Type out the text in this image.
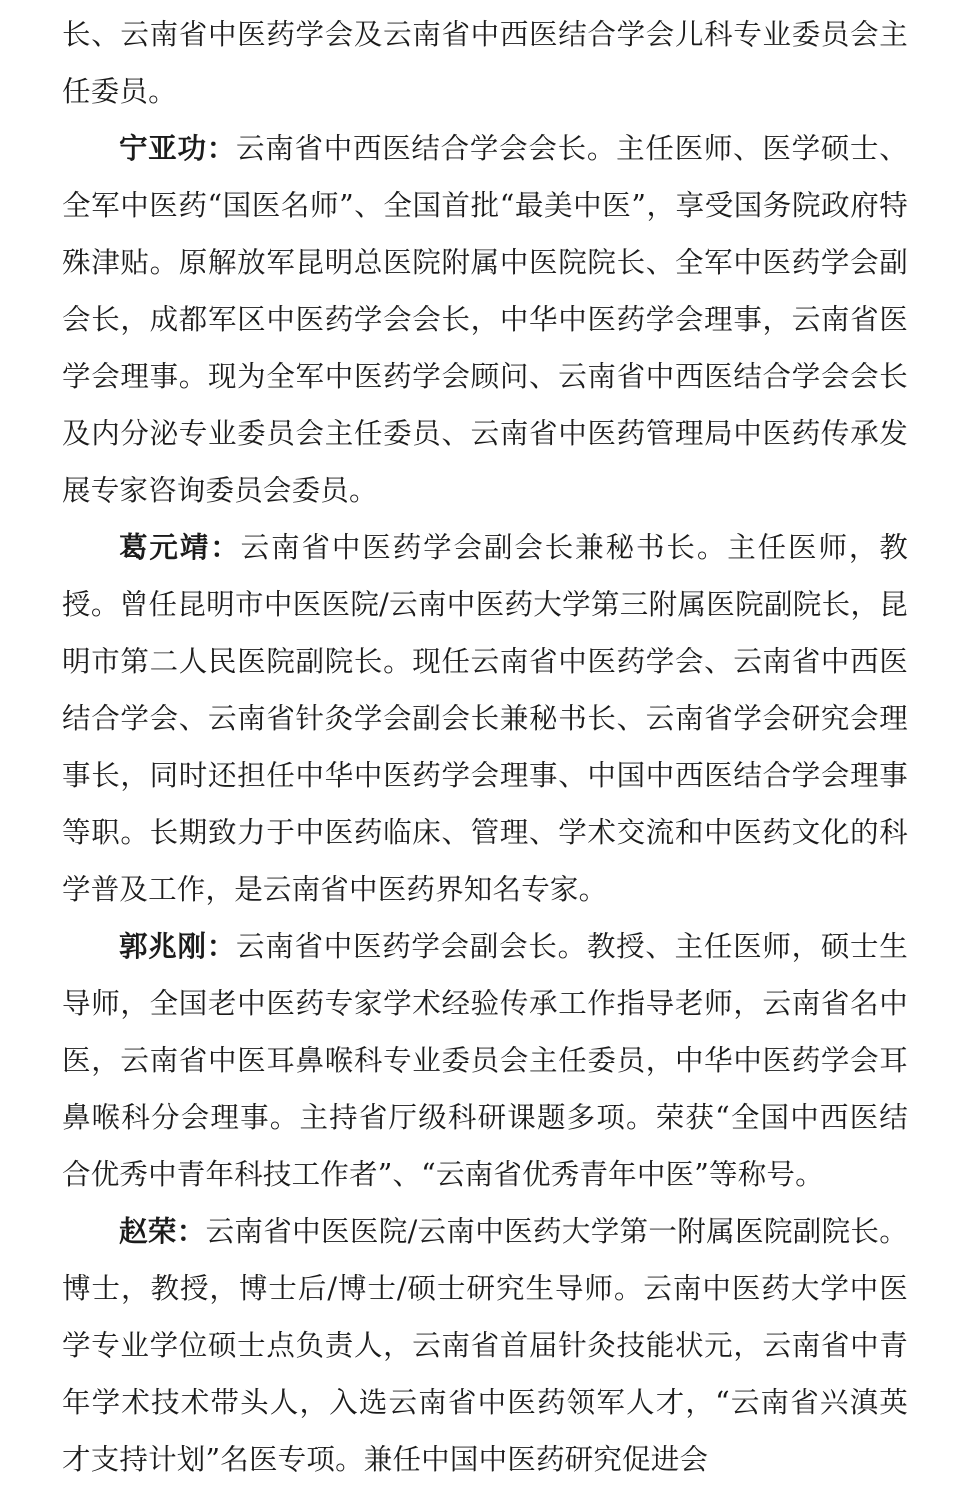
长、云南省中医药学会及云南省中西医结合学会儿科专业委员会主任委员。

宁亚功：云南省中西医结合学会会长。主任医师、医学硕士、全军中医药“国医名师”、全国首批“最美中医”，享受国务院政府特殊津贴。原解放军昆明总医院附属中医院院长、全军中医药学会副会长，成都军区中医药学会会长，中华中医药学会理事，云南省医学会理事。现为全军中医药学会顾问、云南省中西医结合学会会长及内分泌专业委员会主任委员、云南省中医药管理局中医药传承发展专家咨询委员会委员。

葛元靖：云南省中医药学会副会长兼秘书长。主任医师，教授。曾任昆明市中医医院/云南中医药大学第三附属医院副院长，昆明市第二人民医院副院长。现任云南省中医药学会、云南省中西医结合学会、云南省针灸学会副会长兼秘书长、云南省学会研究会理事长，同时还担任中华中医药学会理事、中国中西医结合学会理事等职。长期致力于中医药临床、管理、学术交流和中医药文化的科学普及工作，是云南省中医药界知名专家。

郭兆刚：云南省中医药学会副会长。教授、主任医师，硕士生导师，全国老中医药专家学术经验传承工作指导老师，云南省名中医，云南省中医耳鼻喉科专业委员会主任委员，中华中医药学会耳鼻喉科分会理事。主持省厅级科研课题多项。荣获“全国中西医结合优秀中青年科技工作者”、“云南省优秀青年中医”等称号。

赵荣：云南省中医医院/云南中医药大学第一附属医院副院长。博士，教授，博士后/博士/硕士研究生导师。云南中医药大学中医学专业学位硕士点负责人，云南省首届针灸技能状元，云南省中青年学术技术带头人，入选云南省中医药领军人才，“云南省兴滇英才支持计划”名医专项。兼任中国中医药研究促进会
